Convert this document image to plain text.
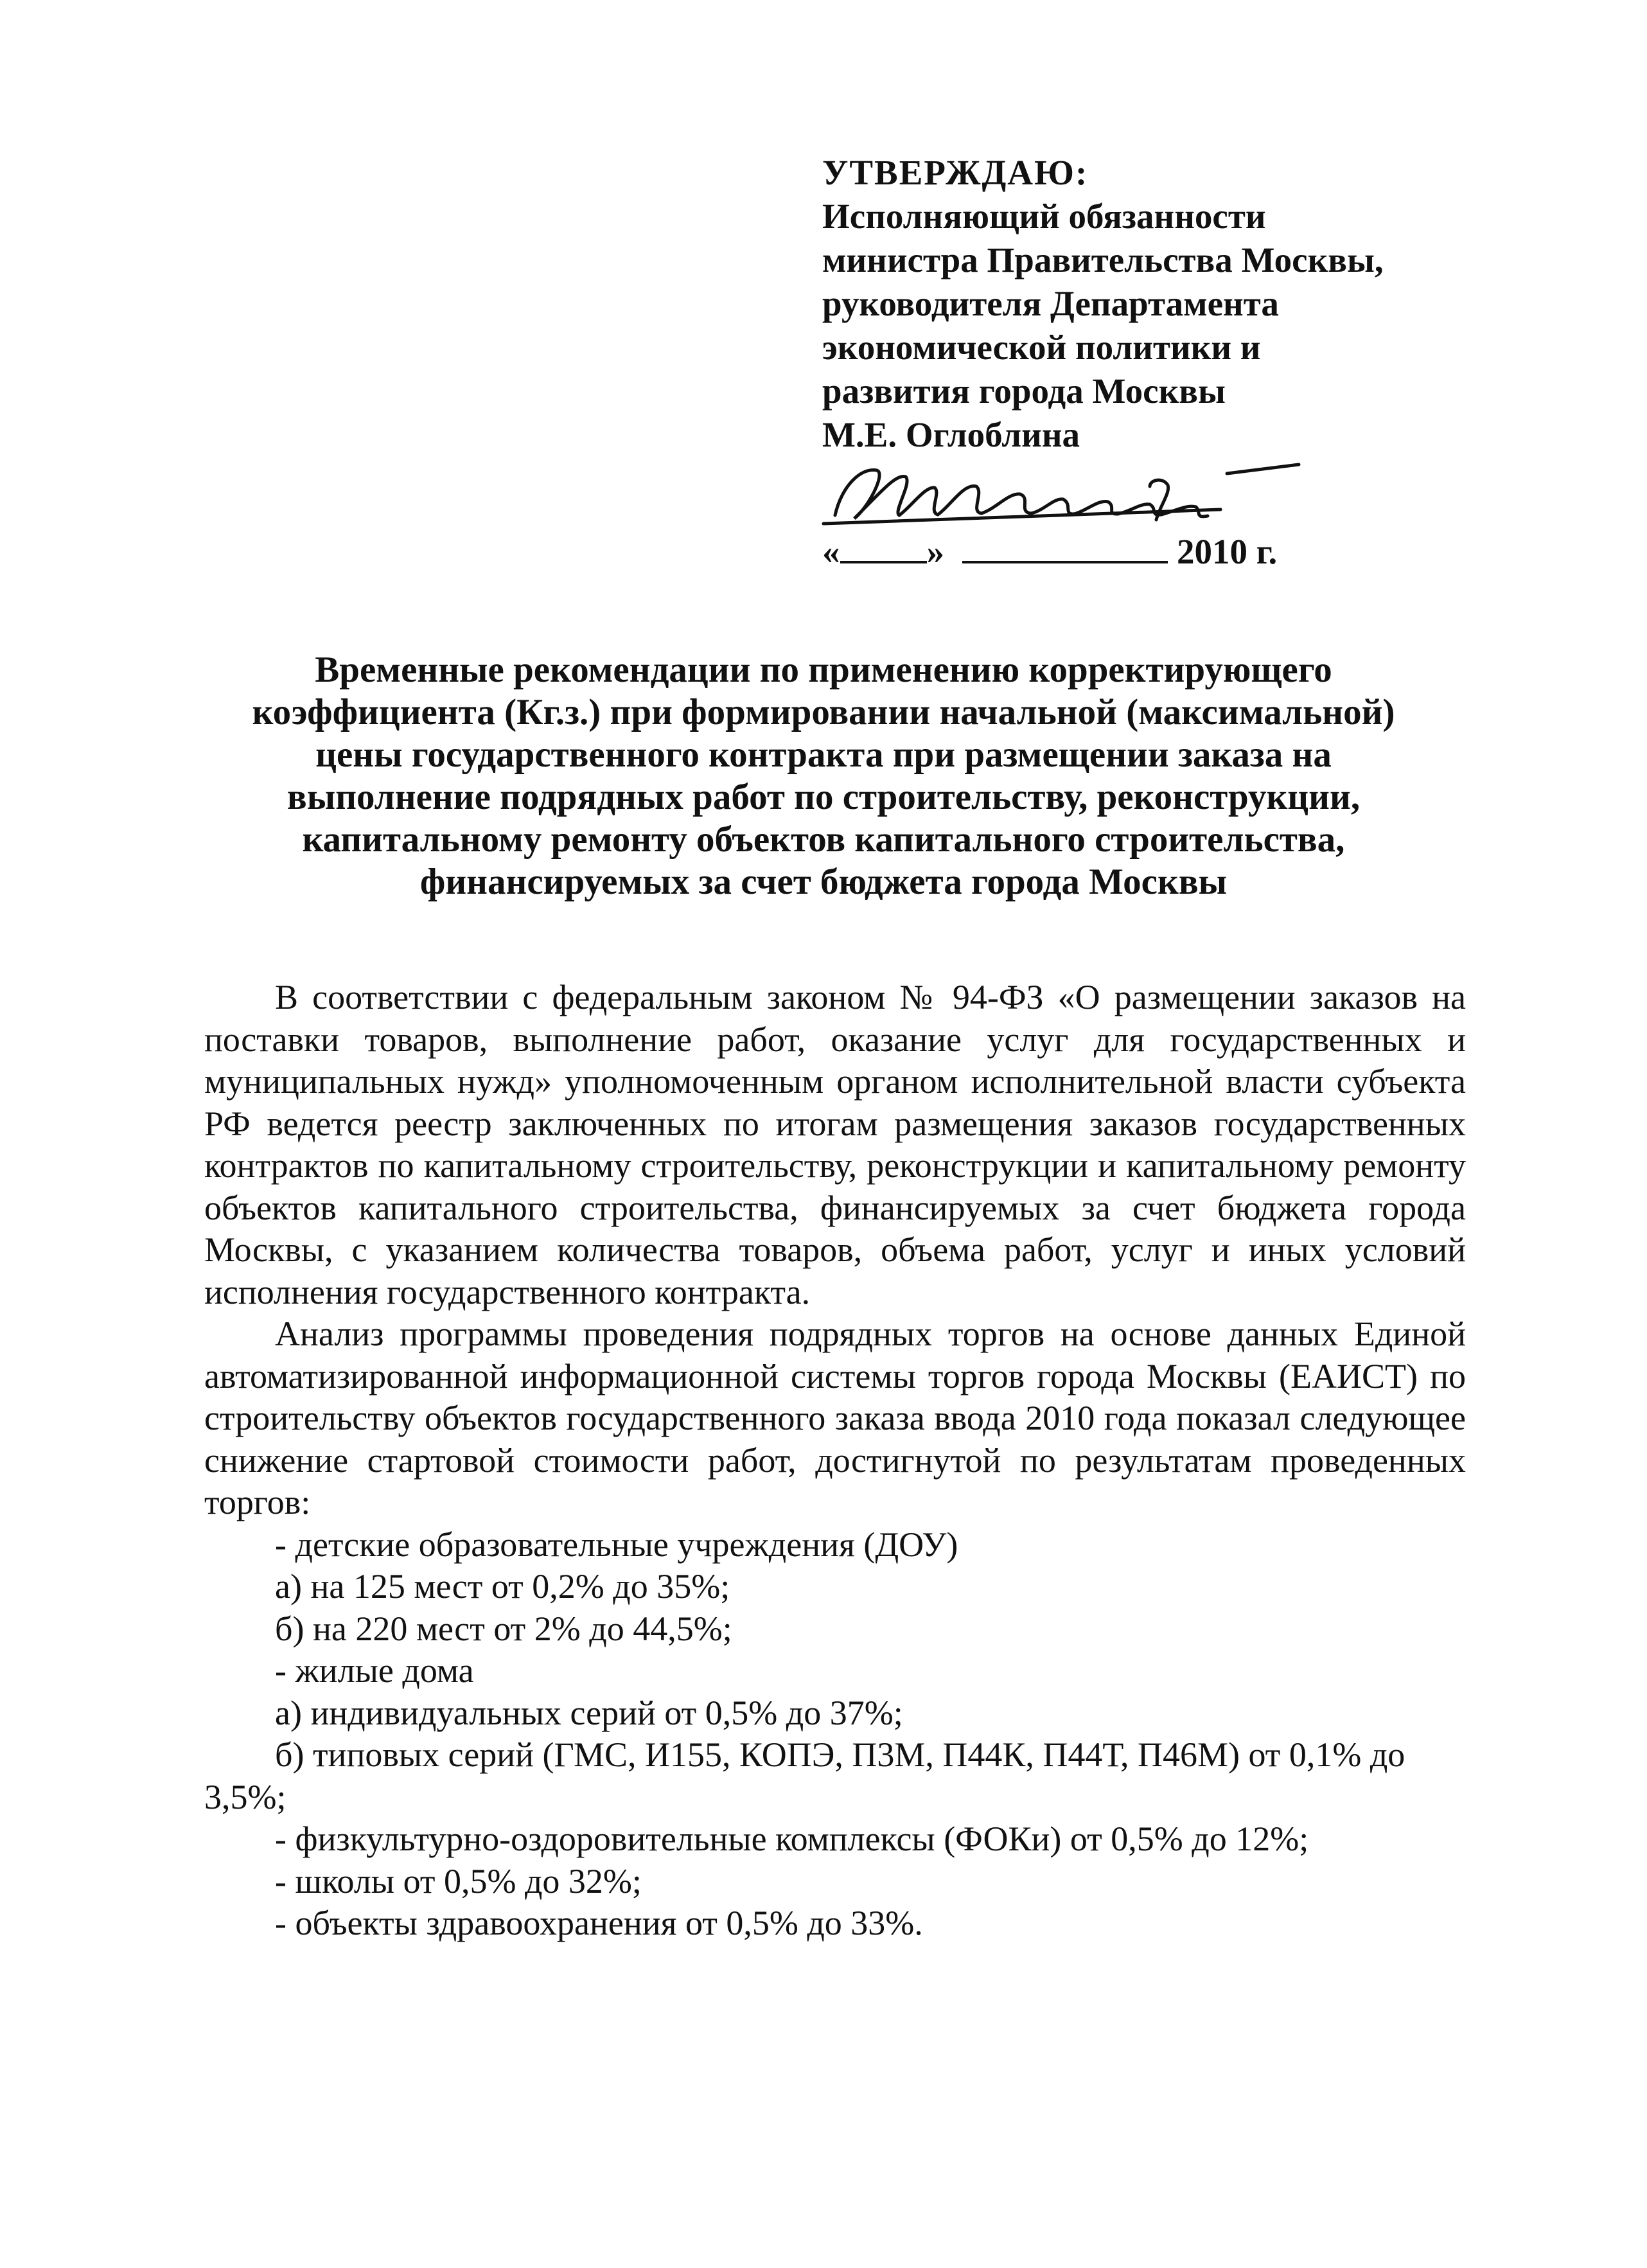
УТВЕРЖДАЮ:
Исполняющий обязанности
министра Правительства Москвы,
руководителя Департамента
экономической политики и
развития города Москвы
М.Е. Оглоблина
« »	2010 г.
Временные рекомендации по применению корректирующего
коэффициента (Кг.з.) при формировании начальной (максимальной)
цены государственного контракта при размещении заказа на
выполнение подрядных работ по строительству, реконструкции,
капитальному ремонту объектов капитального строительства,
финансируемых за счет бюджета города Москвы

В соответствии с федеральным законом № 94-ФЗ «О размещении заказов на поставки товаров, выполнение работ, оказание услуг для государственных и муниципальных нужд» уполномоченным органом исполнительной власти субъекта РФ ведется реестр заключенных по итогам размещения заказов государственных контрактов по капитальному строительству, реконструкции и капитальному ремонту объектов капитального строительства, финансируемых за счет бюджета города Москвы, с указанием количества товаров, объема работ, услуг и иных условий исполнения государственного контракта.

Анализ программы проведения подрядных торгов на основе данных Единой автоматизированной информационной системы торгов города Москвы (ЕАИСТ) по строительству объектов государственного заказа ввода 2010 года показал следующее снижение стартовой стоимости работ, достигнутой по результатам проведенных торгов:

- детские образовательные учреждения (ДОУ)
а) на 125 мест от 0,2% до 35%;
б) на 220 мест от 2% до 44,5%;
- жилые дома
а) индивидуальных серий от 0,5% до 37%;
б) типовых серий (ГМС, И155, КОПЭ, П3М, П44К, П44Т, П46М) от 0,1% до 3,5%;
- физкультурно-оздоровительные комплексы (ФОКи) от 0,5% до 12%;
- школы от 0,5% до 32%;
- объекты здравоохранения от 0,5% до 33%.
